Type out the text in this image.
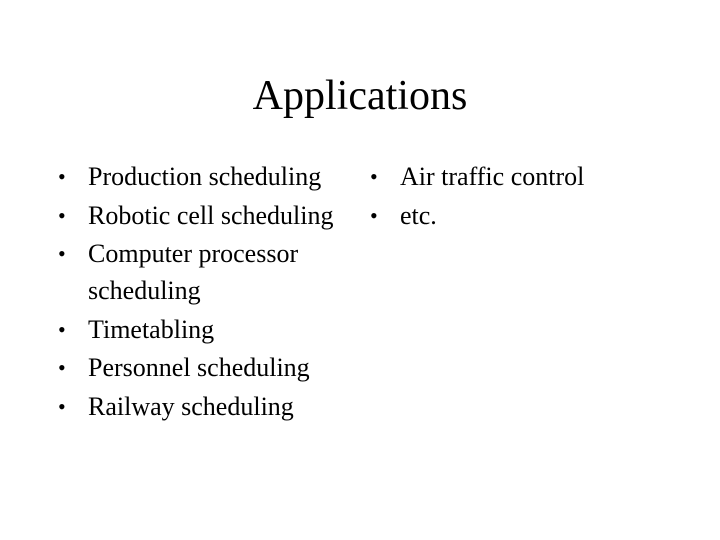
Applications
• Production scheduling
• Robotic cell scheduling
• Computer processor scheduling
• Timetabling
• Personnel scheduling
• Railway scheduling
• Air traffic control
• etc.
